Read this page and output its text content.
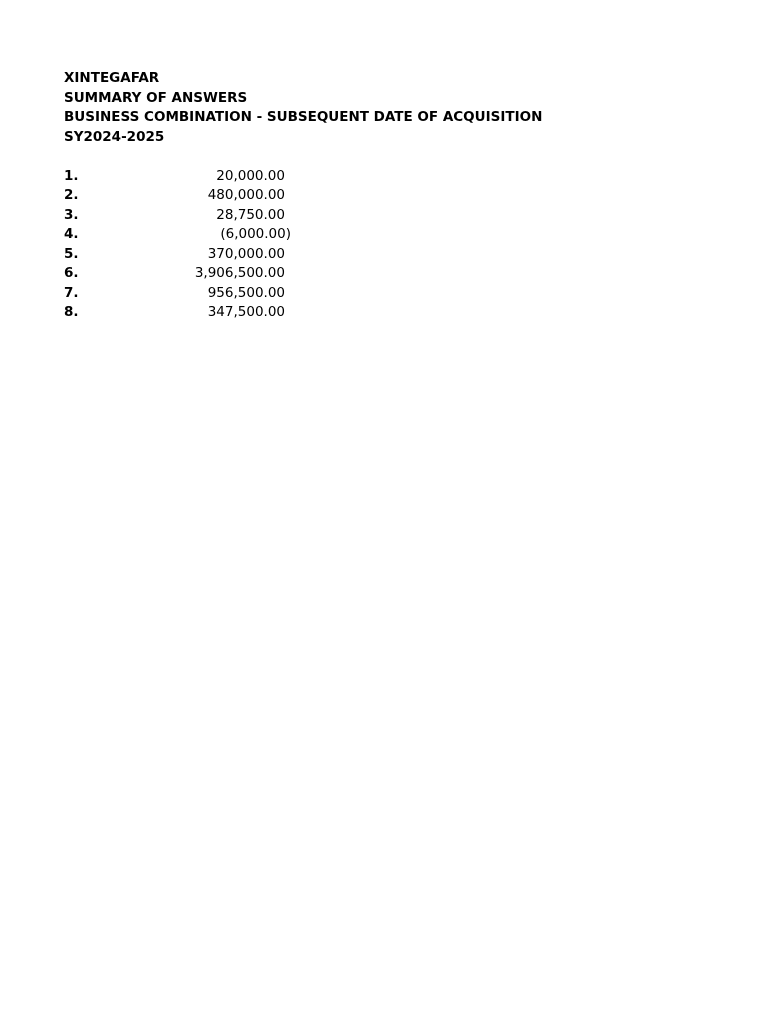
XINTEGAFAR
SUMMARY OF ANSWERS
BUSINESS COMBINATION - SUBSEQUENT DATE OF ACQUISITION
SY2024-2025
1.	20,000.00
2.	480,000.00
3.	28,750.00
4.	(6,000.00)
5.	370,000.00
6.	3,906,500.00
7.	956,500.00
8.	347,500.00
